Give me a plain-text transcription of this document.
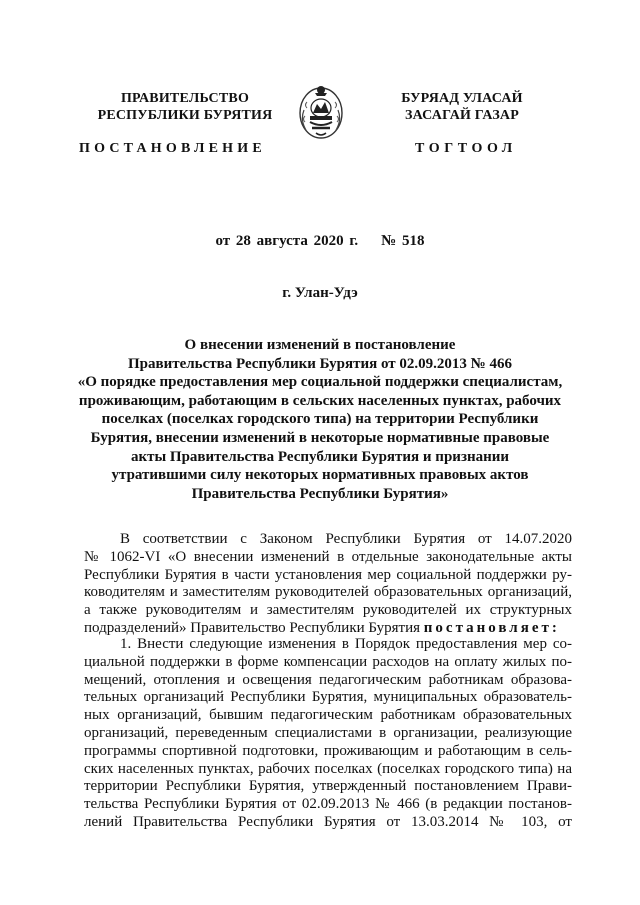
ПРАВИТЕЛЬСТВО
РЕСПУБЛИКИ БУРЯТИЯ
ПОСТАНОВЛЕНИЕ
БУРЯАД УЛАСАЙ
ЗАСАГАЙ ГАЗАР
ТОГТООЛ
от 28 августа 2020 г.    № 518
г. Улан-Удэ
О внесении изменений в постановление
Правительства Республики Бурятия от 02.09.2013 № 466
«О порядке предоставления мер социальной поддержки специалистам,
проживающим, работающим в сельских населенных пунктах, рабочих
поселках (поселках городского типа) на территории Республики
Бурятия, внесении изменений в некоторые нормативные правовые
акты Правительства Республики Бурятия и признании
утратившими силу некоторых нормативных правовых актов
Правительства Республики Бурятия»
В соответствии с Законом Республики Бурятия от 14.07.2020
№ 1062-VI «О внесении изменений в отдельные законодательные акты
Республики Бурятия в части установления мер социальной поддержки ру-
ководителям и заместителям руководителей образовательных организаций,
а также руководителям и заместителям руководителей их структурных
подразделений» Правительство Республики Бурятия постановляет:
1. Внести следующие изменения в Порядок предоставления мер со-
циальной поддержки в форме компенсации расходов на оплату жилых по-
мещений, отопления и освещения педагогическим работникам образова-
тельных организаций Республики Бурятия, муниципальных образователь-
ных организаций, бывшим педагогическим работникам образовательных
организаций, переведенным специалистами в организации, реализующие
программы спортивной подготовки, проживающим и работающим в сель-
ских населенных пунктах, рабочих поселках (поселках городского типа) на
территории Республики Бурятия, утвержденный постановлением Прави-
тельства Республики Бурятия от 02.09.2013 № 466 (в редакции постанов-
лений Правительства Республики Бурятия от 13.03.2014 № 103, от
